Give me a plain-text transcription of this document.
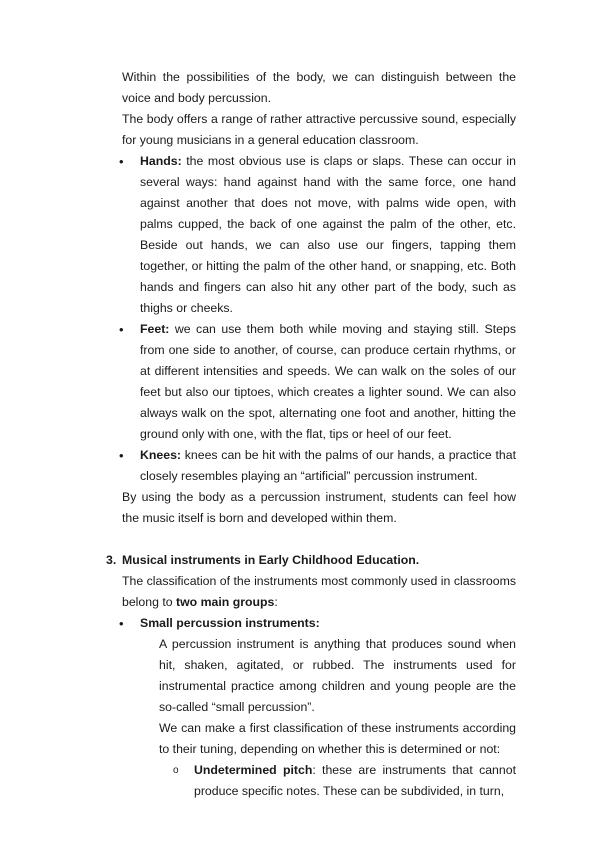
Within the possibilities of the body, we can distinguish between the voice and body percussion.

The body offers a range of rather attractive percussive sound, especially for young musicians in a general education classroom.

• Hands: the most obvious use is claps or slaps. These can occur in several ways: hand against hand with the same force, one hand against another that does not move, with palms wide open, with palms cupped, the back of one against the palm of the other, etc. Beside out hands, we can also use our fingers, tapping them together, or hitting the palm of the other hand, or snapping, etc. Both hands and fingers can also hit any other part of the body, such as thighs or cheeks.
• Feet: we can use them both while moving and staying still. Steps from one side to another, of course, can produce certain rhythms, or at different intensities and speeds. We can walk on the soles of our feet but also our tiptoes, which creates a lighter sound. We can also always walk on the spot, alternating one foot and another, hitting the ground only with one, with the flat, tips or heel of our feet.
• Knees: knees can be hit with the palms of our hands, a practice that closely resembles playing an “artificial” percussion instrument.

By using the body as a percussion instrument, students can feel how the music itself is born and developed within them.

3. Musical instruments in Early Childhood Education.

The classification of the instruments most commonly used in classrooms belong to two main groups:

• Small percussion instruments:

A percussion instrument is anything that produces sound when hit, shaken, agitated, or rubbed. The instruments used for instrumental practice among children and young people are the so-called “small percussion”.

We can make a first classification of these instruments according to their tuning, depending on whether this is determined or not:

o Undetermined pitch: these are instruments that cannot produce specific notes. These can be subdivided, in turn,
